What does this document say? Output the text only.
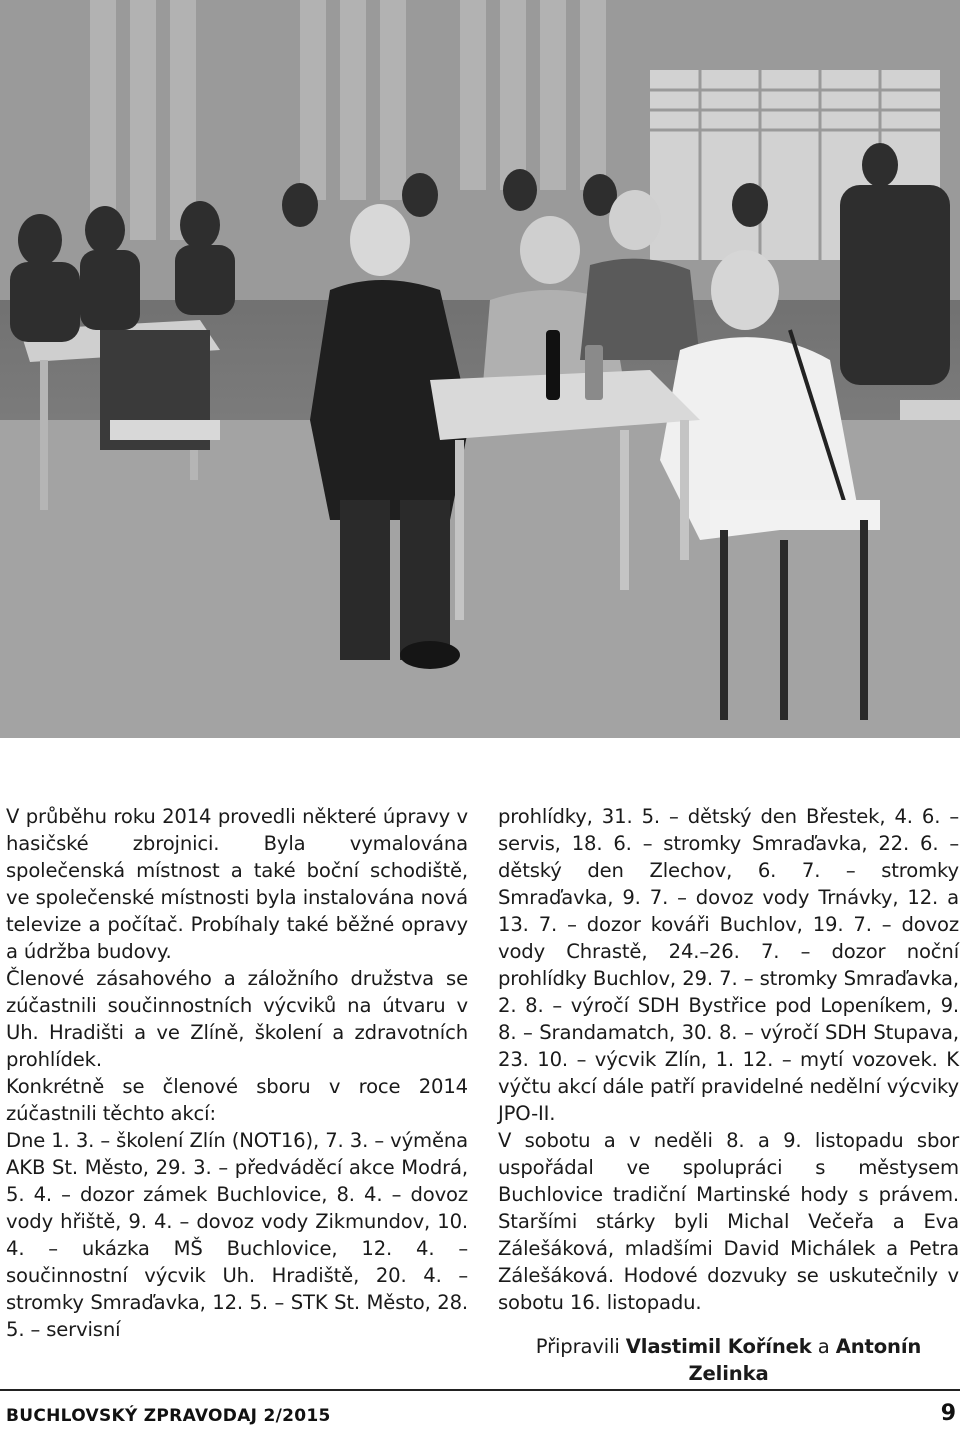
V průběhu roku 2014 provedli některé úpravy v hasičské zbrojnici. Byla vymalována společenská místnost a také boční schodiště, ve společenské místnosti byla instalována nová televize a počítač. Probíhaly také běžné opravy a údržba budovy.

Členové zásahového a záložního družstva se zúčastnili součinnostních výcviků na útvaru v Uh. Hradišti a ve Zlíně, školení a zdravotních prohlídek.

Konkrétně se členové sboru v roce 2014 zúčastnili těchto akcí:

Dne 1. 3. – školení Zlín (NOT16), 7. 3. – výměna AKB St. Město, 29. 3. – předváděcí akce Modrá, 5. 4. – dozor zámek Buchlovice, 8. 4. – dovoz vody hřiště, 9. 4. – dovoz vody Zikmundov, 10. 4. – ukázka MŠ Buchlovice, 12. 4. – součinnostní výcvik Uh. Hradiště, 20. 4. – stromky Smraďavka, 12. 5. – STK St. Město, 28. 5. – servisní

prohlídky, 31. 5. – dětský den Břestek, 4. 6. – servis, 18. 6. – stromky Smraďavka, 22. 6. – dětský den Zlechov, 6. 7. – stromky Smraďavka, 9. 7. – dovoz vody Trnávky, 12. a 13. 7. – dozor kováři Buchlov, 19. 7. – dovoz vody Chrastě, 24.–26. 7. – dozor noční prohlídky Buchlov, 29. 7. – stromky Smraďavka, 2. 8. – výročí SDH Bystřice pod Lopeníkem, 9. 8. – Srandamatch, 30. 8. – výročí SDH Stupava, 23. 10. – výcvik Zlín, 1. 12. – mytí vozovek. K výčtu akcí dále patří pravidelné nedělní výcviky JPO-II.

V sobotu a v neděli 8. a 9. listopadu sbor uspořádal ve spolupráci s městysem Buchlovice tradiční Martinské hody s právem. Staršími stárky byli Michal Večeřa a Eva Zálešáková, mladšími David Michálek a Petra Zálešáková. Hodové dozvuky se uskutečnily v sobotu 16. listopadu.

Připravili Vlastimil Kořínek a Antonín Zelinka

BUCHLOVSKÝ ZPRAVODAJ 2/2015	9
